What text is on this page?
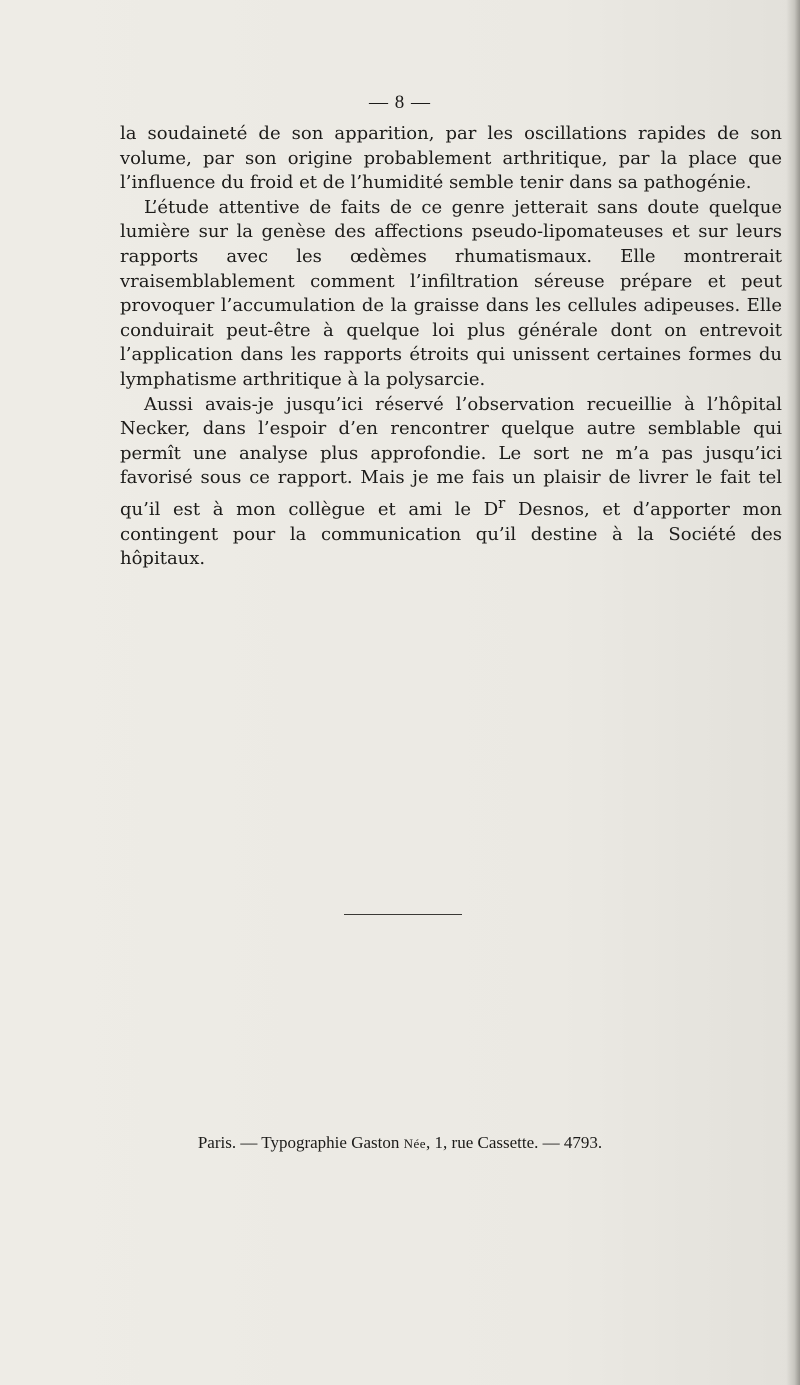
— 8 —

la soudaineté de son apparition, par les oscillations rapides de son volume, par son origine probablement arthritique, par la place que l’influence du froid et de l’humidité semble tenir dans sa pathogénie.

L’étude attentive de faits de ce genre jetterait sans doute quelque lumière sur la genèse des affections pseudo-lipomateuses et sur leurs rapports avec les œdèmes rhumatismaux. Elle montrerait vraisemblablement comment l’infiltration séreuse prépare et peut provoquer l’accumulation de la graisse dans les cellules adipeuses. Elle conduirait peut-être à quelque loi plus générale dont on entrevoit l’application dans les rapports étroits qui unissent certaines formes du lymphatisme arthritique à la polysarcie.

Aussi avais-je jusqu’ici réservé l’observation recueillie à l’hôpital Necker, dans l’espoir d’en rencontrer quelque autre semblable qui permît une analyse plus approfondie. Le sort ne m’a pas jusqu’ici favorisé sous ce rapport. Mais je me fais un plaisir de livrer le fait tel qu’il est à mon collègue et ami le $D^r$ Desnos, et d’apporter mon contingent pour la communication qu’il destine à la Société des hôpitaux.

Paris. — Typographie Gaston Née, 1, rue Cassette. — 4793.
